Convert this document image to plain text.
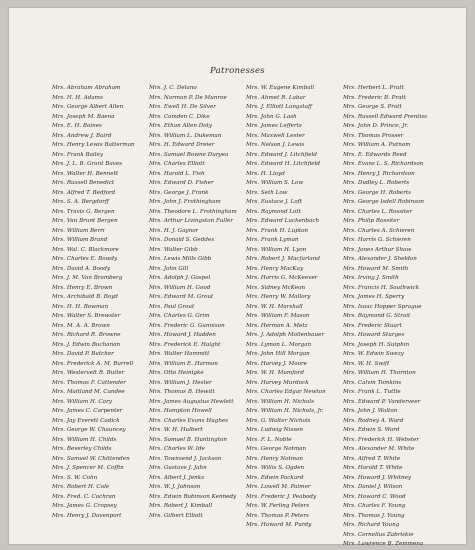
Patronesses
Mrs. Abraham Abraham
Mrs. H. H. Adams
Mrs. George Albert Allen
Mrs. Joseph M. Baena
Mrs. E. H. Baines
Mrs. Andrew J. Baird
Mrs. Henry Lewis Batterman
Mrs. Frank Bailey
Mrs. J. L. B. Grant Baves
Mrs. Walter H. Bennett
Mrs. Russell Benedict
Mrs. Alfred T. Bedford
Mrs. S. A. Bergdorff
Mrs. Travis G. Bergen
Mrs. Van Brunt Bergen
Mrs. William Berri
Mrs. William Brand
Mrs. Wal. C. Blackmore
Mrs. Charles E. Bowdy
Mrs. David A. Boody
Mrs. J. M. Van Bramberg
Mrs. Henry E. Brown
Mrs. Archibald B. Boyd
Mrs. H. H. Bowman
Mrs. Walter S. Brewster
Mrs. M. A. A. Brown
Mrs. Richard R. Browne
Mrs. J. Edwin Buchanan
Mrs. David P. Butcher
Mrs. Frederick A. M. Burrell
Mrs. Westervelt R. Butler
Mrs. Thomas F. Cattender
Mrs. Maitland M. Candee
Mrs. William H. Cary
Mrs. James C. Carpenter
Mrs. Jay Everett Cadick
Mrs. George W. Chauncey
Mrs. William H. Childs
Mrs. Beverley Childs
Mrs. Samuel W. Chittenden
Mrs. J. Spencer M. Coffin
Mrs. S. W. Cohn
Mrs. Robert H. Cole
Mrs. Fred. C. Cochran
Mrs. James G. Cropsey
Mrs. Henry J. Davenport
Mrs. J. C. Delano
Mrs. Norman P. De Munroe
Mrs. Ewell H. De Silver
Mrs. Camden C. Dike
Mrs. Ethan Allen Doty
Mrs. William L. Dukeman
Mrs. H. Edward Dreier
Mrs. Samuel Bowne Duryea
Mrs. Charles Elliott
Mrs. Harold L. Fish
Mrs. Edward D. Fisher
Mrs. George J. Frank
Mrs. John J. Frothingham
Mrs. Theodore L. Frothingham
Mrs. Arthur Livingston Fuller
Mrs. H. J. Gaynor
Mrs. Donald S. Geddes
Mrs. Walter Gibb
Mrs. Lewis Mills Gibb
Mrs. John Gill
Mrs. Adolph J. Gospel
Mrs. William H. Good
Mrs. Edward M. Grout
Mrs. Paul Grout
Mrs. Charles G. Grim
Mrs. Frederic G. Gunnison
Mrs. Howard J. Hadden
Mrs. Frederick E. Haight
Mrs. Walter Hammitt
Mrs. William E. Harmon
Mrs. Otto Heinigke
Mrs. William J. Hester
Mrs. Thomas B. Hewitt
Mrs. James Augustus Hewlett
Mrs. Hampton Howell
Mrs. Charles Evans Hughes
Mrs. W. H. Hulbert
Mrs. Samuel B. Huntington
Mrs. Charles W. Ide
Mrs. Townsend J. Jackson
Mrs. Gustave J. Jahn
Mrs. Albert J. Jenks
Mrs. W. J. Johnson
Mrs. Edwin Robinson Kennedy
Mrs. Robert J. Kimball
Mrs. Gilbert Elliott
Mrs. W. Eugene Kimball
Mrs. Ahmet R. Labar
Mrs. J. Elliott Langstaff
Mrs. John G. Lash
Mrs. James Lefferts
Mrs. Maxwell Lester
Mrs. Nelson J. Lewis
Mrs. Edward J. Litchfield
Mrs. Edward H. Litchfield
Mrs. H. Lloyd
Mrs. William S. Low
Mrs. Seth Low
Mrs. Eustace J. Loft
Mrs. Raymond Lott
Mrs. Edward Luckenbach
Mrs. Frank H. Lupton
Mrs. Frank Lyman
Mrs. William H. Lyon
Mrs. Robert J. Macfarland
Mrs. Henry MacKay
Mrs. Harris G. McKeever
Mrs. Sidney McKeon
Mrs. Henry W. Mallory
Mrs. W. H. Marshall
Mrs. William F. Mason
Mrs. Herman A. Metz
Mrs. J. Adolph Mollenhauer
Mrs. Lyman L. Morgan
Mrs. John Hill Morgan
Mrs. Harvey J. Moore
Mrs. W. H. Mumford
Mrs. Harvey Murdock
Mrs. Charles Edgar Newton
Mrs. William H. Nichols
Mrs. William H. Nichols, Jr.
Mrs. G. Walter Nichols
Mrs. Ludwig Nissen
Mrs. F. L. Noble
Mrs. George Notman
Mrs. Henry Notman
Mrs. Willis S. Ogden
Mrs. Edwin Packard
Mrs. Lowell M. Palmer
Mrs. Frederic J. Peabody
Mrs. W. Ferling Peters
Mrs. Thomas P. Peters
Mrs. Howard M. Purdy
Mrs. Herbert L. Pratt
Mrs. Frederic B. Pratt
Mrs. George S. Pratt
Mrs. Russell Edward Prentiss
Mrs. John D. Prince, Jr.
Mrs. Thomas Prosser
Mrs. William A. Putnam
Mrs. E. Edwards Reed
Mrs. Evans L. S. Richardson
Mrs. Henry J. Richardson
Mrs. Dudley L. Roberts
Mrs. George H. Roberts
Mrs. George Isdell Robinson
Mrs. Charles L. Rossiter
Mrs. Philip Rossiter
Mrs. Charles A. Schieren
Mrs. Harris G. Schieren
Mrs. Jones Arthur Shaw
Mrs. Alexander J. Sheldon
Mrs. Howard M. Smith
Mrs. Irving J. Smith
Mrs. Francis H. Southwick
Mrs. James H. Sperry
Mrs. Isaac Hopper Sprague
Mrs. Raymond G. Strait
Mrs. Frederic Stuart
Mrs. Howard Sturges
Mrs. Joseph H. Sutphin
Mrs. W. Edwin Swezy
Mrs. W. H. Swift
Mrs. William H. Thornton
Mrs. Calvin Tomkins
Mrs. Frank L. Tuttle
Mrs. Edward P. Vanderveer
Mrs. John J. Walton
Mrs. Rodney A. Ward
Mrs. Edwin S. Ward
Mrs. Frederick H. Webster
Mrs. Alexander M. White
Mrs. Alfred T. White
Mrs. Harold T. White
Mrs. Howard J. Whitney
Mrs. Daniel J. Wilson
Mrs. Howard C. Wood
Mrs. Charles F. Young
Mrs. Thomas J. Young
Mrs. Richard Young
Mrs. Cornelius Zabriskie
Mrs. Lawrence B. Zemmena
